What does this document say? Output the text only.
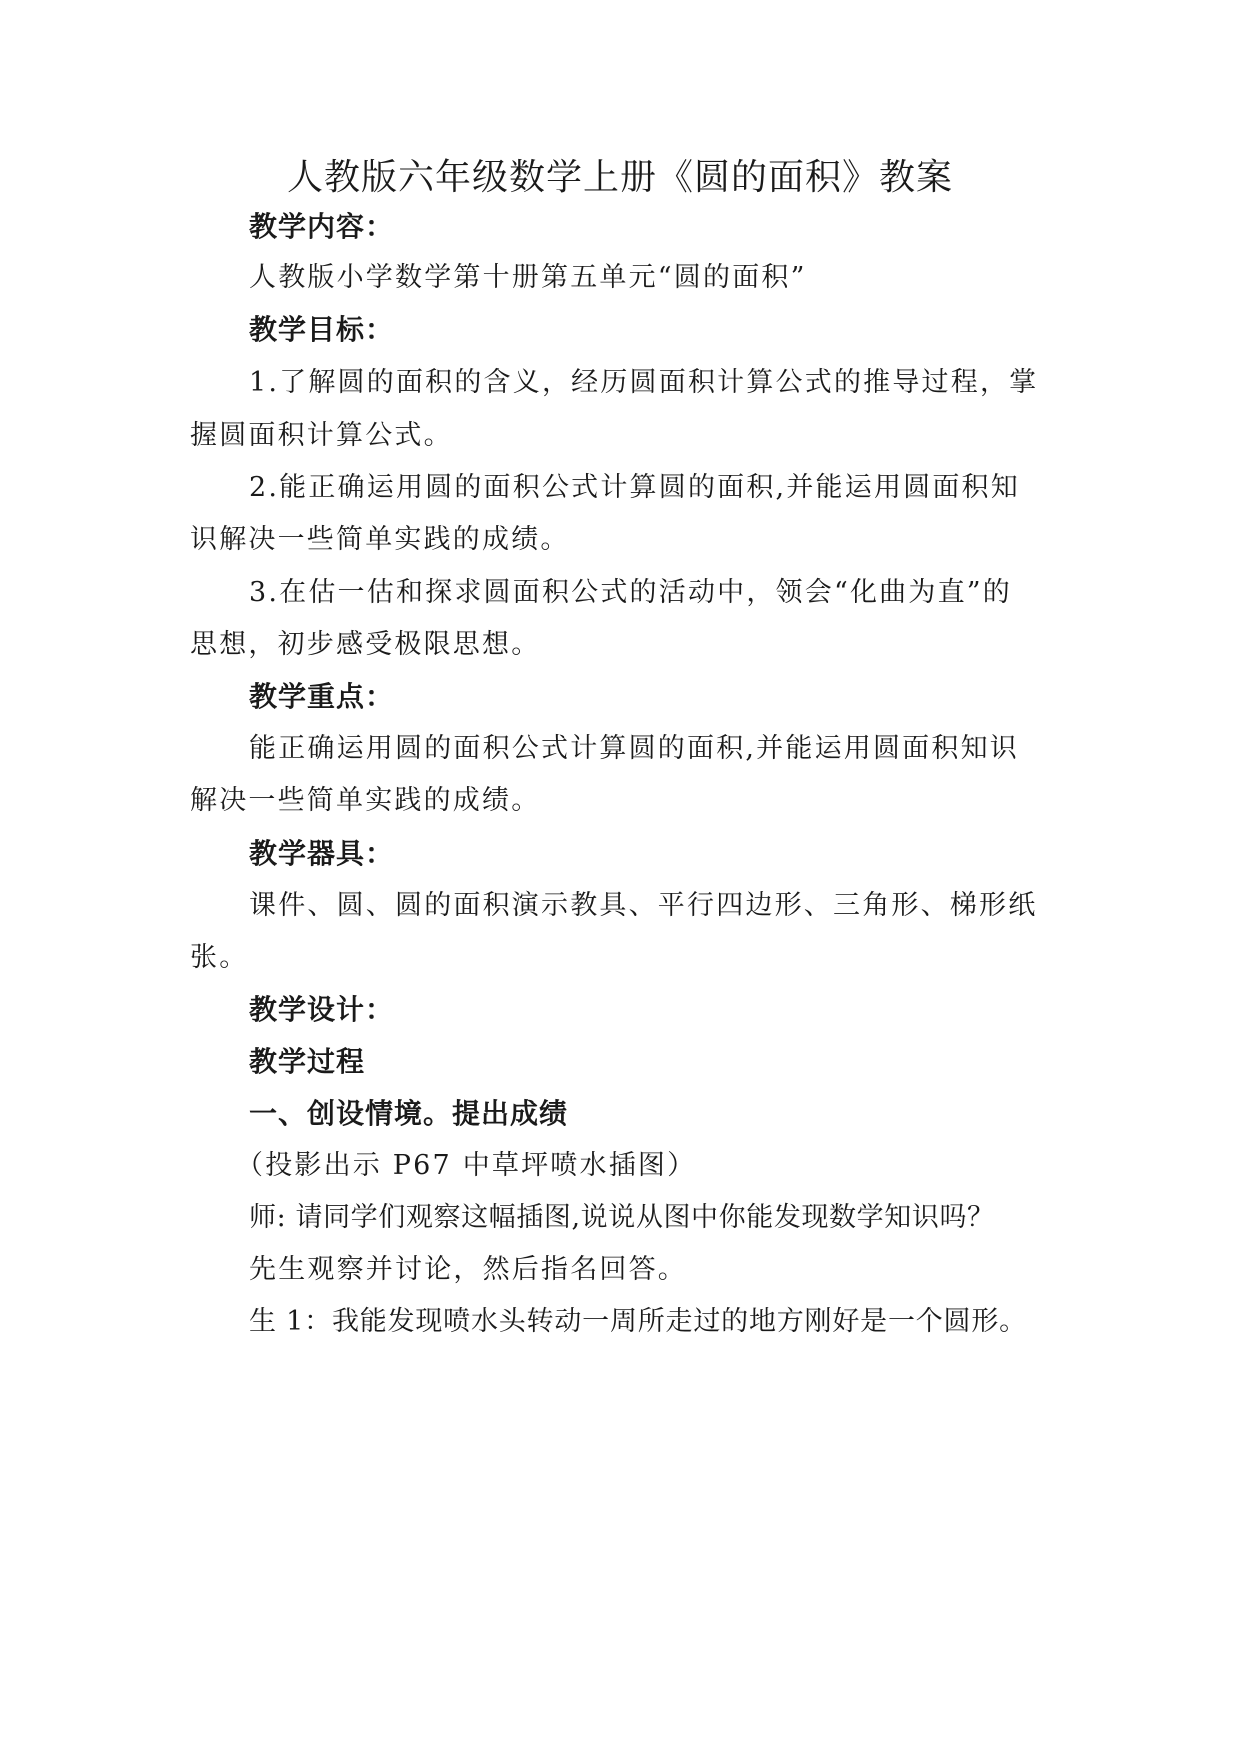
人教版六年级数学上册《圆的面积》教案
教学内容：
人教版小学数学第十册第五单元“圆的面积”
教学目标：
1.了解圆的面积的含义，经历圆面积计算公式的推导过程，掌
握圆面积计算公式。
2.能正确运用圆的面积公式计算圆的面积,并能运用圆面积知
识解决一些简单实践的成绩。
3.在估一估和探求圆面积公式的活动中，领会“化曲为直”的
思想，初步感受极限思想。
教学重点：
能正确运用圆的面积公式计算圆的面积,并能运用圆面积知识
解决一些简单实践的成绩。
教学器具：
课件、圆、圆的面积演示教具、平行四边形、三角形、梯形纸
张。
教学设计：
教学过程
一、创设情境。提出成绩
（投影出示 P67 中草坪喷水插图）
师: 请同学们观察这幅插图,说说从图中你能发现数学知识吗？
先生观察并讨论，然后指名回答。
生 1：我能发现喷水头转动一周所走过的地方刚好是一个圆形。
